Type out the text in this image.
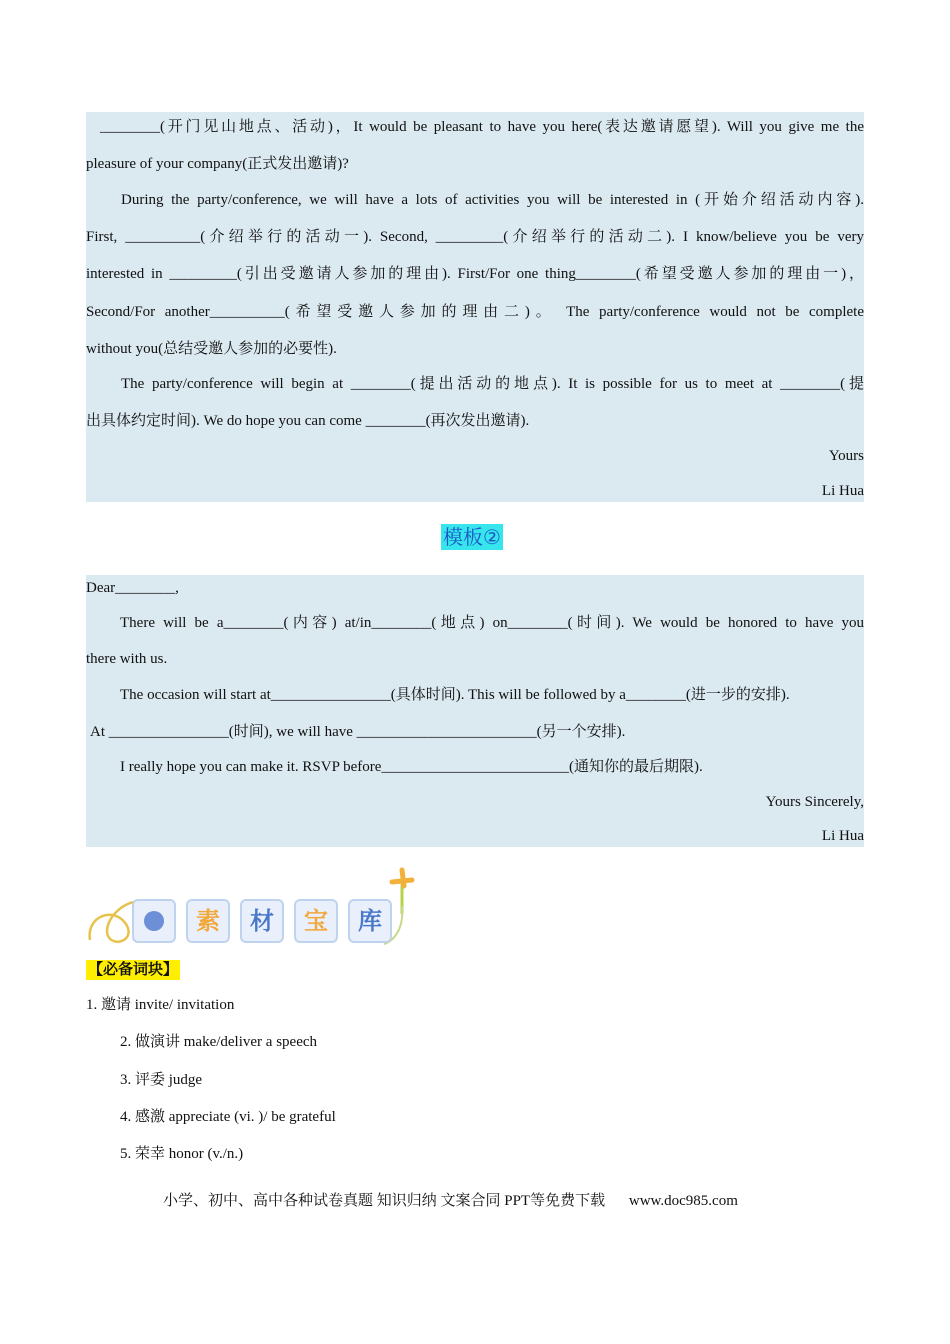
________(开门见山地点、活动)，It would be pleasant to have you here(表达邀请愿望). Will you give me the
pleasure of your company(正式发出邀请)?
During the party/conference, we will have a lots of activities you will be interested in (开始介绍活动内容).
First, __________(介绍举行的活动一). Second, _________(介绍举行的活动二). I know/believe you be very
interested in _________(引出受邀请人参加的理由). First/For one thing________(希望受邀人参加的理由一)，
Second/For another__________(希望受邀人参加的理由二)。 The party/conference would not be complete
without you(总结受邀人参加的必要性).
The party/conference will begin at ________(提出活动的地点). It is possible for us to meet at ________(提
出具体约定时间). We do hope you can come ________(再次发出邀请).
Yours
Li Hua
模板②
Dear________,
There will be a________(内容) at/in________(地点) on________(时间). We would be honored to have you
there with us.
The occasion will start at________________(具体时间). This will be followed by a________(进一步的安排).
At ________________(时间), we will have ________________________(另一个安排).
I really hope you can make it. RSVP before_________________________(通知你的最后期限).
Yours Sincerely,
Li Hua
素	材	宝	库
【必备词块】
1. 邀请 invite/ invitation
2. 做演讲 make/deliver a speech
3. 评委 judge
4. 感激 appreciate (vi. )/ be grateful
5. 荣幸 honor (v./n.)
小学、初中、高中各种试卷真题 知识归纳 文案合同 PPT等免费下载 www.doc985.com
